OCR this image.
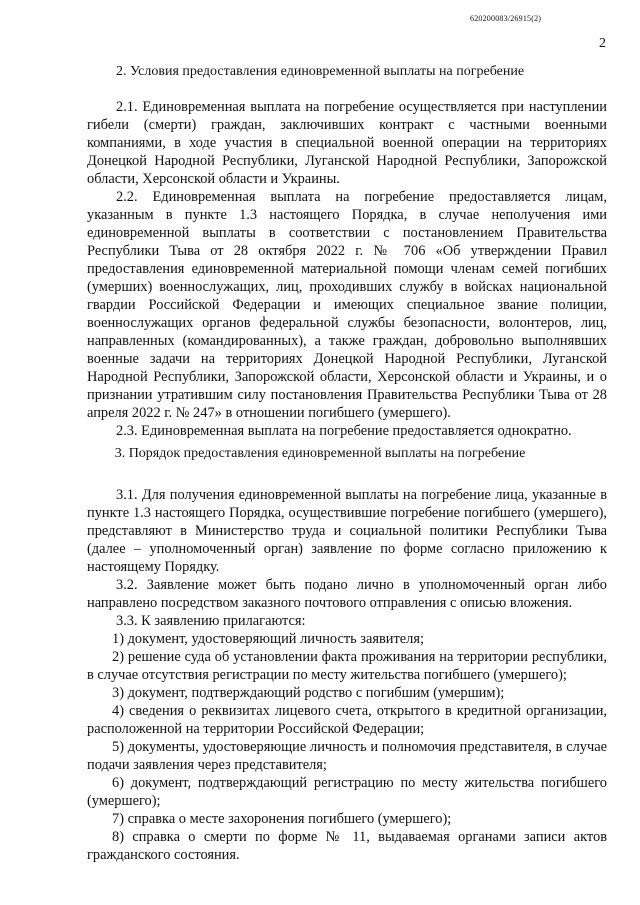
620200083/26915(2)
2
2. Условия предоставления единовременной выплаты на погребение

2.1. Единовременная выплата на погребение осуществляется при наступлении гибели (смерти) граждан, заключивших контракт с частными военными компаниями, в ходе участия в специальной военной операции на территориях Донецкой Народной Республики, Луганской Народной Республики, Запорожской области, Херсонской области и Украины.

2.2. Единовременная выплата на погребение предоставляется лицам, указанным в пункте 1.3 настоящего Порядка, в случае неполучения ими единовременной выплаты в соответствии с постановлением Правительства Республики Тыва от 28 октября 2022 г. № 706 «Об утверждении Правил предоставления единовременной материальной помощи членам семей погибших (умерших) военнослужащих, лиц, проходивших службу в войсках национальной гвардии Российской Федерации и имеющих специальное звание полиции, военнослужащих органов федеральной службы безопасности, волонтеров, лиц, направленных (командированных), а также граждан, добровольно выполнявших военные задачи на территориях Донецкой Народной Республики, Луганской Народной Республики, Запорожской области, Херсонской области и Украины, и о признании утратившим силу постановления Правительства Республики Тыва от 28 апреля 2022 г. № 247» в отношении погибшего (умершего).

2.3. Единовременная выплата на погребение предоставляется однократно.

3. Порядок предоставления единовременной выплаты на погребение

3.1. Для получения единовременной выплаты на погребение лица, указанные в пункте 1.3 настоящего Порядка, осуществившие погребение погибшего (умершего), представляют в Министерство труда и социальной политики Республики Тыва (далее – уполномоченный орган) заявление по форме согласно приложению к настоящему Порядку.

3.2. Заявление может быть подано лично в уполномоченный орган либо направлено посредством заказного почтового отправления с описью вложения.

3.3. К заявлению прилагаются:

1) документ, удостоверяющий личность заявителя;

2) решение суда об установлении факта проживания на территории республики, в случае отсутствия регистрации по месту жительства погибшего (умершего);

3) документ, подтверждающий родство с погибшим (умершим);

4) сведения о реквизитах лицевого счета, открытого в кредитной организации, расположенной на территории Российской Федерации;

5) документы, удостоверяющие личность и полномочия представителя, в случае подачи заявления через представителя;

6) документ, подтверждающий регистрацию по месту жительства погибшего (умершего);

7) справка о месте захоронения погибшего (умершего);

8) справка о смерти по форме № 11, выдаваемая органами записи актов гражданского состояния.
